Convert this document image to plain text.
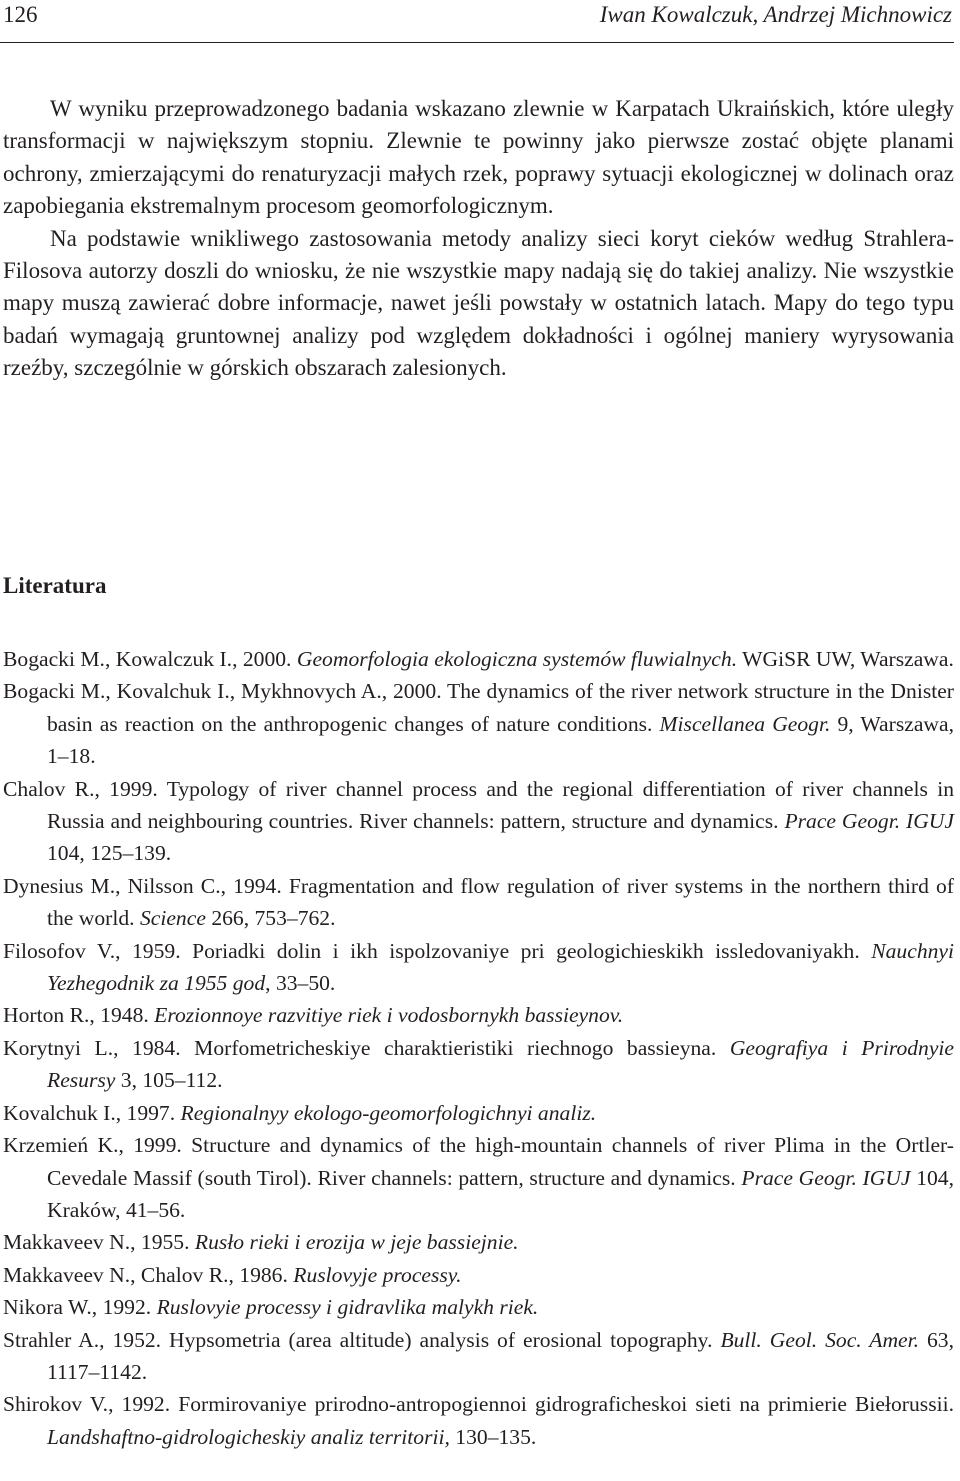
126	Iwan Kowalczuk, Andrzej Michnowicz

W wyniku przeprowadzonego badania wskazano zlewnie w Karpatach Ukraińskich, które uległy transformacji w największym stopniu. Zlewnie te powinny jako pierwsze zostać objęte planami ochrony, zmierzającymi do renaturyzacji małych rzek, poprawy sytuacji ekologicznej w dolinach oraz zapobiegania ekstremalnym procesom geomorfologicznym.

Na podstawie wnikliwego zastosowania metody analizy sieci koryt cieków według Strahlera-Filosova autorzy doszli do wniosku, że nie wszystkie mapy nadają się do takiej analizy. Nie wszystkie mapy muszą zawierać dobre informacje, nawet jeśli powstały w ostatnich latach. Mapy do tego typu badań wymagają gruntownej analizy pod względem dokładności i ogólnej maniery wyrysowania rzeźby, szczególnie w górskich obszarach zalesionych.

Literatura
Bogacki M., Kowalczuk I., 2000. Geomorfologia ekologiczna systemów fluwialnych. WGiSR UW, Warszawa.
Bogacki M., Kovalchuk I., Mykhnovych A., 2000. The dynamics of the river network structure in the Dnister basin as reaction on the anthropogenic changes of nature conditions. Miscellanea Geogr. 9, Warszawa, 1–18.
Chalov R., 1999. Typology of river channel process and the regional differentiation of river channels in Russia and neighbouring countries. River channels: pattern, structure and dynamics. Prace Geogr. IGUJ 104, 125–139.
Dynesius M., Nilsson C., 1994. Fragmentation and flow regulation of river systems in the northern third of the world. Science 266, 753–762.
Filosofov V., 1959. Poriadki dolin i ikh ispolzovaniye pri geologichieskikh issledovaniyakh. Nauchnyi Yezhegodnik za 1955 god, 33–50.
Horton R., 1948. Erozionnoye razvitiye riek i vodosbornykh bassieynov.
Korytnyi L., 1984. Morfometricheskiye charaktieristiki riechnogo bassieyna. Geografiya i Prirodnyie Resursy 3, 105–112.
Kovalchuk I., 1997. Regionalnyy ekologo-geomorfologichnyi analiz.
Krzemień K., 1999. Structure and dynamics of the high-mountain channels of river Plima in the Ortler-Cevedale Massif (south Tirol). River channels: pattern, structure and dynamics. Prace Geogr. IGUJ 104, Kraków, 41–56.
Makkaveev N., 1955. Rusło rieki i erozija w jeje bassiejnie.
Makkaveev N., Chalov R., 1986. Ruslovyje processy.
Nikora W., 1992. Ruslovyie processy i gidravlika malykh riek.
Strahler A., 1952. Hypsometria (area altitude) analysis of erosional topography. Bull. Geol. Soc. Amer. 63, 1117–1142.
Shirokov V., 1992. Formirovaniye prirodno-antropogiennoi gidrograficheskoi sieti na primierie Biełorussii. Landshaftno-gidrologicheskiy analiz territorii, 130–135.
